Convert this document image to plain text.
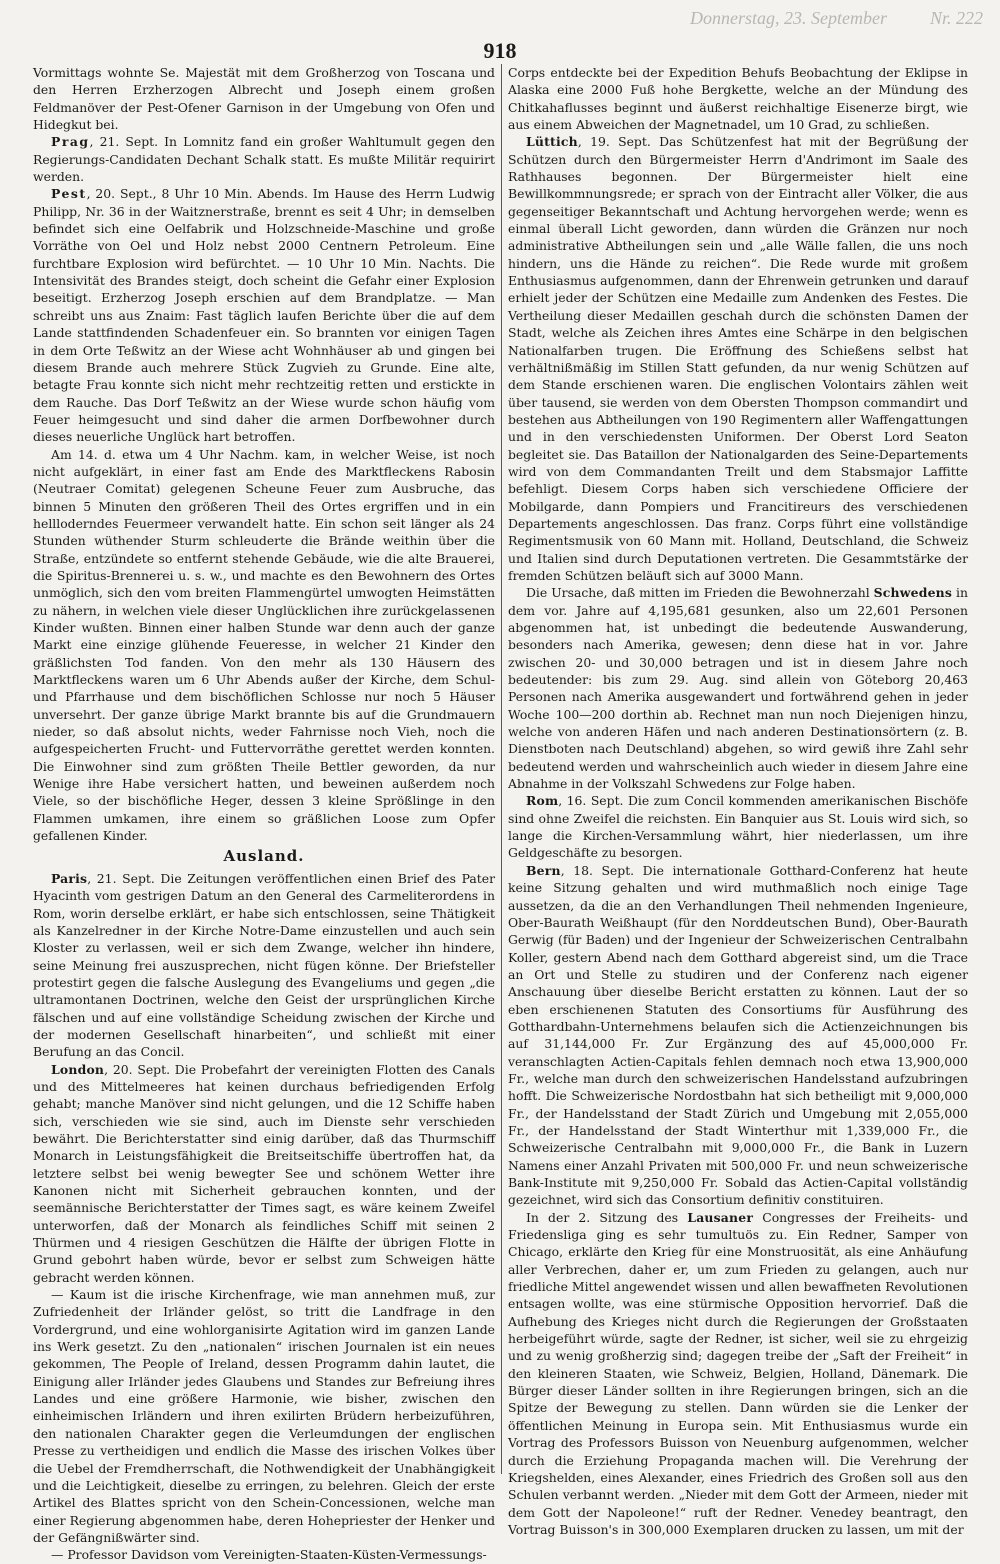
Donnerstag, 23. September Nr. 222
918

Vormittags wohnte Se. Majestät mit dem Großherzog von Toscana und den Herren Erzherzogen Albrecht und Joseph einem großen Feldmanöver der Pest-Ofener Garnison in der Umgebung von Ofen und Hidegkut bei.

Prag, 21. Sept. In Lomnitz fand ein großer Wahltumult gegen den Regierungs-Candidaten Dechant Schalk statt. Es mußte Militär requirirt werden.

Pest, 20. Sept., 8 Uhr 10 Min. Abends. Im Hause des Herrn Ludwig Philipp, Nr. 36 in der Waitznerstraße, brennt es seit 4 Uhr; in demselben befindet sich eine Oelfabrik und Holzschneide-Maschine und große Vorräthe von Oel und Holz nebst 2000 Centnern Petroleum. Eine furchtbare Explosion wird befürchtet. — 10 Uhr 10 Min. Nachts. Die Intensivität des Brandes steigt, doch scheint die Gefahr einer Explosion beseitigt. Erzherzog Joseph erschien auf dem Brandplatze. — Man schreibt uns aus Znaim: Fast täglich laufen Berichte über die auf dem Lande stattfindenden Schadenfeuer ein. So brannten vor einigen Tagen in dem Orte Teßwitz an der Wiese acht Wohnhäuser ab und gingen bei diesem Brande auch mehrere Stück Zugvieh zu Grunde. Eine alte, betagte Frau konnte sich nicht mehr rechtzeitig retten und erstickte in dem Rauche. Das Dorf Teßwitz an der Wiese wurde schon häufig vom Feuer heimgesucht und sind daher die armen Dorfbewohner durch dieses neuerliche Unglück hart betroffen.

Am 14. d. etwa um 4 Uhr Nachm. kam, in welcher Weise, ist noch nicht aufgeklärt, in einer fast am Ende des Marktfleckens Rabosin (Neutraer Comitat) gelegenen Scheune Feuer zum Ausbruche, das binnen 5 Minuten den größeren Theil des Ortes ergriffen und in ein hellloderndes Feuermeer verwandelt hatte. Ein schon seit länger als 24 Stunden wüthender Sturm schleuderte die Brände weithin über die Straße, entzündete so entfernt stehende Gebäude, wie die alte Brauerei, die Spiritus-Brennerei u. s. w., und machte es den Bewohnern des Ortes unmöglich, sich den vom breiten Flammengürtel umwogten Heimstätten zu nähern, in welchen viele dieser Unglücklichen ihre zurückgelassenen Kinder wußten. Binnen einer halben Stunde war denn auch der ganze Markt eine einzige glühende Feueresse, in welcher 21 Kinder den gräßlichsten Tod fanden. Von den mehr als 130 Häusern des Marktfleckens waren um 6 Uhr Abends außer der Kirche, dem Schul- und Pfarrhause und dem bischöflichen Schlosse nur noch 5 Häuser unversehrt. Der ganze übrige Markt brannte bis auf die Grundmauern nieder, so daß absolut nichts, weder Fahrnisse noch Vieh, noch die aufgespeicherten Frucht- und Futtervorräthe gerettet werden konnten. Die Einwohner sind zum größten Theile Bettler geworden, da nur Wenige ihre Habe versichert hatten, und beweinen außerdem noch Viele, so der bischöfliche Heger, dessen 3 kleine Sprößlinge in den Flammen umkamen, ihre einem so gräßlichen Loose zum Opfer gefallenen Kinder.

Ausland.

Paris, 21. Sept. Die Zeitungen veröffentlichen einen Brief des Pater Hyacinth vom gestrigen Datum an den General des Carmeliterordens in Rom, worin derselbe erklärt, er habe sich entschlossen, seine Thätigkeit als Kanzelredner in der Kirche Notre-Dame einzustellen und auch sein Kloster zu verlassen, weil er sich dem Zwange, welcher ihn hindere, seine Meinung frei auszusprechen, nicht fügen könne. Der Briefsteller protestirt gegen die falsche Auslegung des Evangeliums und gegen „die ultramontanen Doctrinen, welche den Geist der ursprünglichen Kirche fälschen und auf eine vollständige Scheidung zwischen der Kirche und der modernen Gesellschaft hinarbeiten“, und schließt mit einer Berufung an das Concil.

London, 20. Sept. Die Probefahrt der vereinigten Flotten des Canals und des Mittelmeeres hat keinen durchaus befriedigenden Erfolg gehabt; manche Manöver sind nicht gelungen, und die 12 Schiffe haben sich, verschieden wie sie sind, auch im Dienste sehr verschieden bewährt. Die Berichterstatter sind einig darüber, daß das Thurmschiff Monarch in Leistungsfähigkeit die Breitseitschiffe übertroffen hat, da letztere selbst bei wenig bewegter See und schönem Wetter ihre Kanonen nicht mit Sicherheit gebrauchen konnten, und der seemännische Berichterstatter der Times sagt, es wäre keinem Zweifel unterworfen, daß der Monarch als feindliches Schiff mit seinen 2 Thürmen und 4 riesigen Geschützen die Hälfte der übrigen Flotte in Grund gebohrt haben würde, bevor er selbst zum Schweigen hätte gebracht werden können.

— Kaum ist die irische Kirchenfrage, wie man annehmen muß, zur Zufriedenheit der Irländer gelöst, so tritt die Landfrage in den Vordergrund, und eine wohlorganisirte Agitation wird im ganzen Lande ins Werk gesetzt. Zu den „nationalen“ irischen Journalen ist ein neues gekommen, The People of Ireland, dessen Programm dahin lautet, die Einigung aller Irländer jedes Glaubens und Standes zur Befreiung ihres Landes und eine größere Harmonie, wie bisher, zwischen den einheimischen Irländern und ihren exilirten Brüdern herbeizuführen, den nationalen Charakter gegen die Verleumdungen der englischen Presse zu vertheidigen und endlich die Masse des irischen Volkes über die Uebel der Fremdherrschaft, die Nothwendigkeit der Unabhängigkeit und die Leichtigkeit, dieselbe zu erringen, zu belehren. Gleich der erste Artikel des Blattes spricht von den Schein-Concessionen, welche man einer Regierung abgenommen habe, deren Hohepriester der Henker und der Gefängnißwärter sind.

— Professor Davidson vom Vereinigten-Staaten-Küsten-Vermessungs-

Corps entdeckte bei der Expedition Behufs Beobachtung der Eklipse in Alaska eine 2000 Fuß hohe Bergkette, welche an der Mündung des Chitkahaflusses beginnt und äußerst reichhaltige Eisenerze birgt, wie aus einem Abweichen der Magnetnadel, um 10 Grad, zu schließen.

Lüttich, 19. Sept. Das Schützenfest hat mit der Begrüßung der Schützen durch den Bürgermeister Herrn d'Andrimont im Saale des Rathhauses begonnen. Der Bürgermeister hielt eine Bewillkommnungsrede; er sprach von der Eintracht aller Völker, die aus gegenseitiger Bekanntschaft und Achtung hervorgehen werde; wenn es einmal überall Licht geworden, dann würden die Gränzen nur noch administrative Abtheilungen sein und „alle Wälle fallen, die uns noch hindern, uns die Hände zu reichen“. Die Rede wurde mit großem Enthusiasmus aufgenommen, dann der Ehrenwein getrunken und darauf erhielt jeder der Schützen eine Medaille zum Andenken des Festes. Die Vertheilung dieser Medaillen geschah durch die schönsten Damen der Stadt, welche als Zeichen ihres Amtes eine Schärpe in den belgischen Nationalfarben trugen. Die Eröffnung des Schießens selbst hat verhältnißmäßig im Stillen Statt gefunden, da nur wenig Schützen auf dem Stande erschienen waren. Die englischen Volontairs zählen weit über tausend, sie werden von dem Obersten Thompson commandirt und bestehen aus Abtheilungen von 190 Regimentern aller Waffengattungen und in den verschiedensten Uniformen. Der Oberst Lord Seaton begleitet sie. Das Bataillon der Nationalgarden des Seine-Departements wird von dem Commandanten Treilt und dem Stabsmajor Laffitte befehligt. Diesem Corps haben sich verschiedene Officiere der Mobilgarde, dann Pompiers und Francitireurs des verschiedenen Departements angeschlossen. Das franz. Corps führt eine vollständige Regimentsmusik von 60 Mann mit. Holland, Deutschland, die Schweiz und Italien sind durch Deputationen vertreten. Die Gesammtstärke der fremden Schützen beläuft sich auf 3000 Mann.

Die Ursache, daß mitten im Frieden die Bewohnerzahl Schwedens in dem vor. Jahre auf 4,195,681 gesunken, also um 22,601 Personen abgenommen hat, ist unbedingt die bedeutende Auswanderung, besonders nach Amerika, gewesen; denn diese hat in vor. Jahre zwischen 20- und 30,000 betragen und ist in diesem Jahre noch bedeutender: bis zum 29. Aug. sind allein von Göteborg 20,463 Personen nach Amerika ausgewandert und fortwährend gehen in jeder Woche 100—200 dorthin ab. Rechnet man nun noch Diejenigen hinzu, welche von anderen Häfen und nach anderen Destinationsörtern (z. B. Dienstboten nach Deutschland) abgehen, so wird gewiß ihre Zahl sehr bedeutend werden und wahrscheinlich auch wieder in diesem Jahre eine Abnahme in der Volkszahl Schwedens zur Folge haben.

Rom, 16. Sept. Die zum Concil kommenden amerikanischen Bischöfe sind ohne Zweifel die reichsten. Ein Banquier aus St. Louis wird sich, so lange die Kirchen-Versammlung währt, hier niederlassen, um ihre Geldgeschäfte zu besorgen.

Bern, 18. Sept. Die internationale Gotthard-Conferenz hat heute keine Sitzung gehalten und wird muthmaßlich noch einige Tage aussetzen, da die an den Verhandlungen Theil nehmenden Ingenieure, Ober-Baurath Weißhaupt (für den Norddeutschen Bund), Ober-Baurath Gerwig (für Baden) und der Ingenieur der Schweizerischen Centralbahn Koller, gestern Abend nach dem Gotthard abgereist sind, um die Trace an Ort und Stelle zu studiren und der Conferenz nach eigener Anschauung über dieselbe Bericht erstatten zu können. Laut der so eben erschienenen Statuten des Consortiums für Ausführung des Gotthardbahn-Unternehmens belaufen sich die Actienzeichnungen bis auf 31,144,000 Fr. Zur Ergänzung des auf 45,000,000 Fr. veranschlagten Actien-Capitals fehlen demnach noch etwa 13,900,000 Fr., welche man durch den schweizerischen Handelsstand aufzubringen hofft. Die Schweizerische Nordostbahn hat sich betheiligt mit 9,000,000 Fr., der Handelsstand der Stadt Zürich und Umgebung mit 2,055,000 Fr., der Handelsstand der Stadt Winterthur mit 1,339,000 Fr., die Schweizerische Centralbahn mit 9,000,000 Fr., die Bank in Luzern Namens einer Anzahl Privaten mit 500,000 Fr. und neun schweizerische Bank-Institute mit 9,250,000 Fr. Sobald das Actien-Capital vollständig gezeichnet, wird sich das Consortium definitiv constituiren.

In der 2. Sitzung des Lausaner Congresses der Freiheits- und Friedensliga ging es sehr tumultuös zu. Ein Redner, Samper von Chicago, erklärte den Krieg für eine Monstruosität, als eine Anhäufung aller Verbrechen, daher er, um zum Frieden zu gelangen, auch nur friedliche Mittel angewendet wissen und allen bewaffneten Revolutionen entsagen wollte, was eine stürmische Opposition hervorrief. Daß die Aufhebung des Krieges nicht durch die Regierungen der Großstaaten herbeigeführt würde, sagte der Redner, ist sicher, weil sie zu ehrgeizig und zu wenig großherzig sind; dagegen treibe der „Saft der Freiheit“ in den kleineren Staaten, wie Schweiz, Belgien, Holland, Dänemark. Die Bürger dieser Länder sollten in ihre Regierungen bringen, sich an die Spitze der Bewegung zu stellen. Dann würden sie die Lenker der öffentlichen Meinung in Europa sein. Mit Enthusiasmus wurde ein Vortrag des Professors Buisson von Neuenburg aufgenommen, welcher durch die Erziehung Propaganda machen will. Die Verehrung der Kriegshelden, eines Alexander, eines Friedrich des Großen soll aus den Schulen verbannt werden. „Nieder mit dem Gott der Armeen, nieder mit dem Gott der Napoleone!“ ruft der Redner. Venedey beantragt, den Vortrag Buisson's in 300,000 Exemplaren drucken zu lassen, um mit der
